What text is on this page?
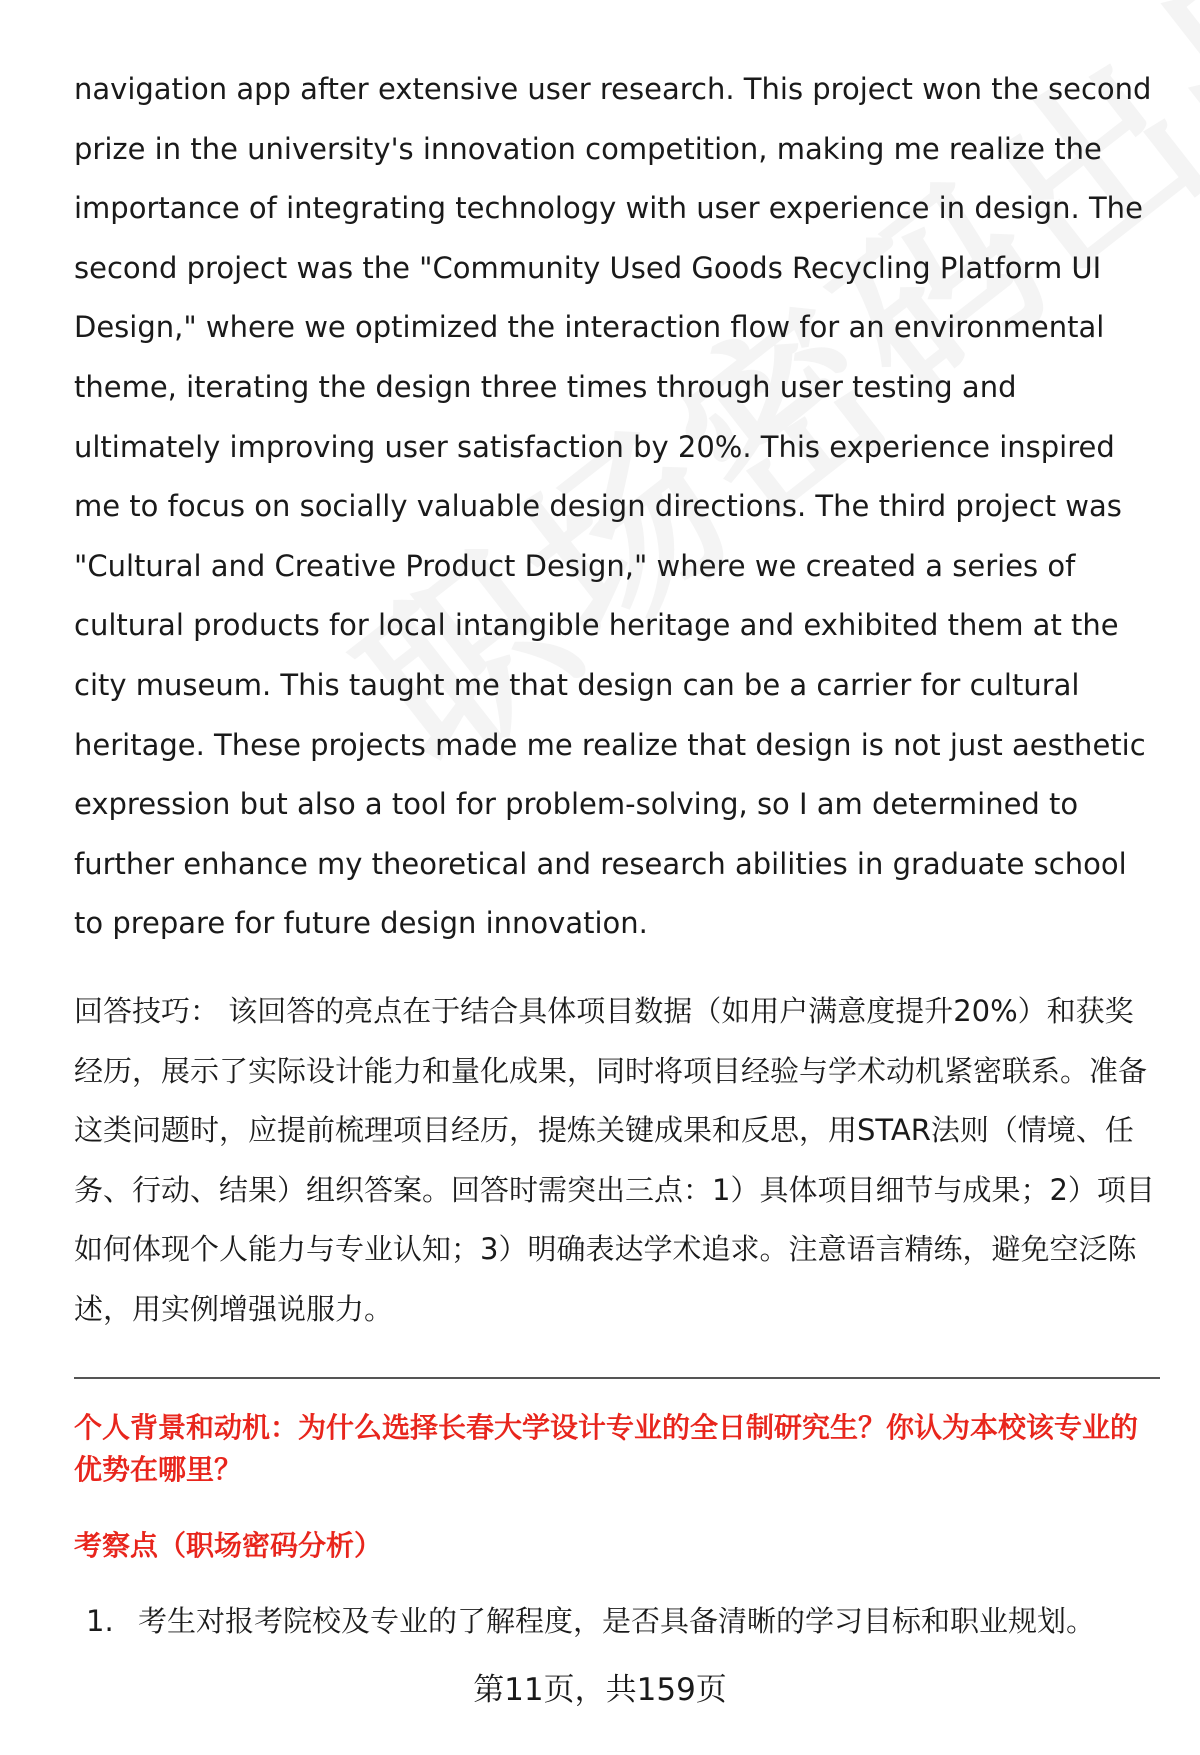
navigation app after extensive user research. This project won the second prize in the university's innovation competition, making me realize the importance of integrating technology with user experience in design. The second project was the "Community Used Goods Recycling Platform UI Design," where we optimized the interaction flow for an environmental theme, iterating the design three times through user testing and ultimately improving user satisfaction by 20%. This experience inspired me to focus on socially valuable design directions. The third project was "Cultural and Creative Product Design," where we created a series of cultural products for local intangible heritage and exhibited them at the city museum. This taught me that design can be a carrier for cultural heritage. These projects made me realize that design is not just aesthetic expression but also a tool for problem-solving, so I am determined to further enhance my theoretical and research abilities in graduate school to prepare for future design innovation.

回答技巧： 该回答的亮点在于结合具体项目数据（如用户满意度提升20%）和获奖经历，展示了实际设计能力和量化成果，同时将项目经验与学术动机紧密联系。准备这类问题时，应提前梳理项目经历，提炼关键成果和反思，用STAR法则（情境、任务、行动、结果）组织答案。回答时需突出三点：1）具体项目细节与成果；2）项目如何体现个人能力与专业认知；3）明确表达学术追求。注意语言精练，避免空泛陈述，用实例增强说服力。

个人背景和动机：为什么选择长春大学设计专业的全日制研究生？你认为本校该专业的优势在哪里？
考察点（职场密码分析）
1. 考生对报考院校及专业的了解程度，是否具备清晰的学习目标和职业规划。
第11页，共159页
